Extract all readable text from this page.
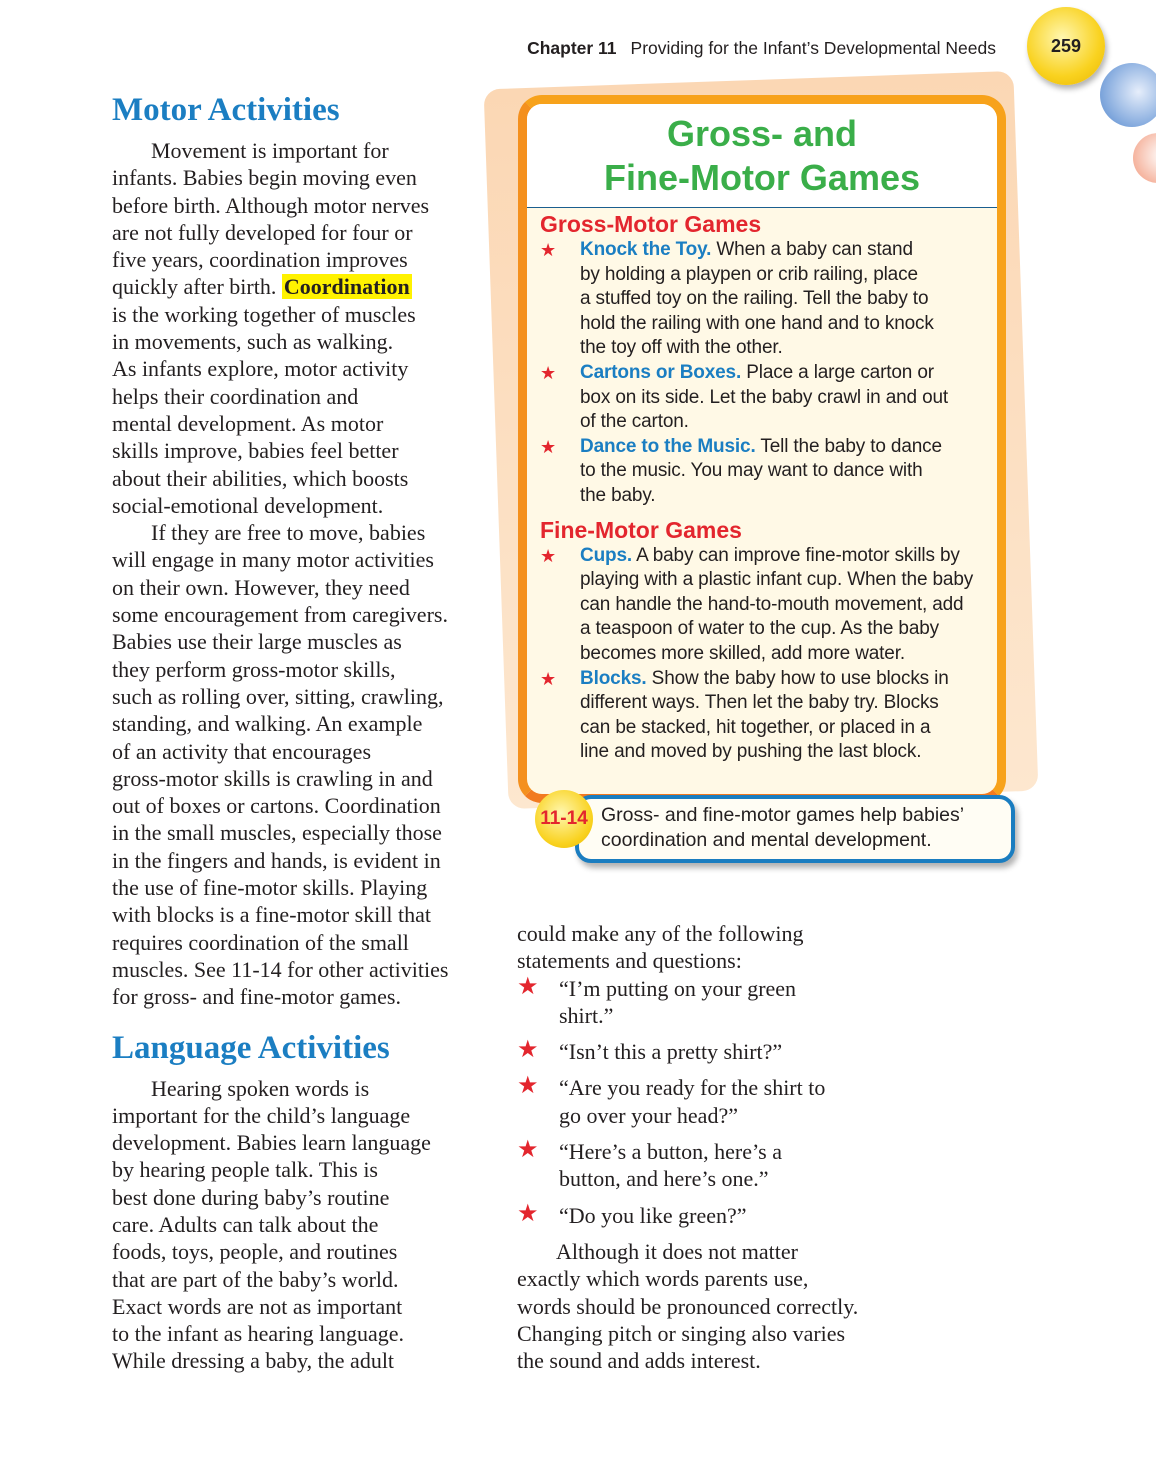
Chapter 11 Providing for the Infant’s Developmental Needs	259
Motor Activities
Movement is important for
infants. Babies begin moving even
before birth. Although motor nerves
are not fully developed for four or
five years, coordination improves
quickly after birth. Coordination
is the working together of muscles
in movements, such as walking.
As infants explore, motor activity
helps their coordination and
mental development. As motor
skills improve, babies feel better
about their abilities, which boosts
social-emotional development.
If they are free to move, babies
will engage in many motor activities
on their own. However, they need
some encouragement from caregivers.
Babies use their large muscles as
they perform gross-motor skills,
such as rolling over, sitting, crawling,
standing, and walking. An example
of an activity that encourages
gross-motor skills is crawling in and
out of boxes or cartons. Coordination
in the small muscles, especially those
in the fingers and hands, is evident in
the use of fine-motor skills. Playing
with blocks is a fine-motor skill that
requires coordination of the small
muscles. See 11-14 for other activities
for gross- and fine-motor games.
Language Activities
Hearing spoken words is
important for the child’s language
development. Babies learn language
by hearing people talk. This is
best done during baby’s routine
care. Adults can talk about the
foods, toys, people, and routines
that are part of the baby’s world.
Exact words are not as important
to the infant as hearing language.
While dressing a baby, the adult
Gross- and
Fine-Motor Games
Gross-Motor Games
★ Knock the Toy. When a baby can stand
by holding a playpen or crib railing, place
a stuffed toy on the railing. Tell the baby to
hold the railing with one hand and to knock
the toy off with the other.
★ Cartons or Boxes. Place a large carton or
box on its side. Let the baby crawl in and out
of the carton.
★ Dance to the Music. Tell the baby to dance
to the music. You may want to dance with
the baby.
Fine-Motor Games
★ Cups. A baby can improve fine-motor skills by
playing with a plastic infant cup. When the baby
can handle the hand-to-mouth movement, add
a teaspoon of water to the cup. As the baby
becomes more skilled, add more water.
★ Blocks. Show the baby how to use blocks in
different ways. Then let the baby try. Blocks
can be stacked, hit together, or placed in a
line and moved by pushing the last block.
Gross- and fine-motor games help babies’
coordination and mental development.
11-14
could make any of the following
statements and questions:
★ “I’m putting on your green
shirt.”
★ “Isn’t this a pretty shirt?”
★ “Are you ready for the shirt to
go over your head?”
★ “Here’s a button, here’s a
button, and here’s one.”
★ “Do you like green?”
Although it does not matter
exactly which words parents use,
words should be pronounced correctly.
Changing pitch or singing also varies
the sound and adds interest.
